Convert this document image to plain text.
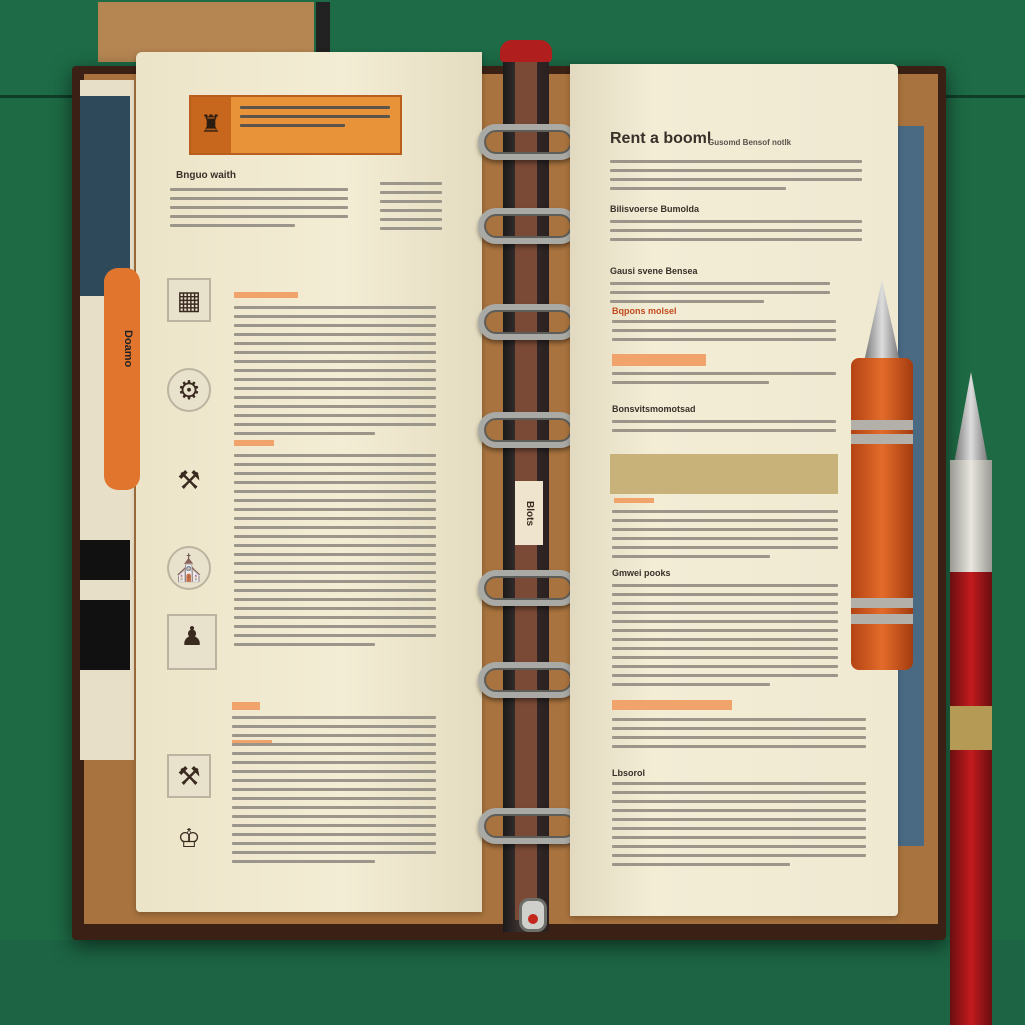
♜
Bnguo waith
▦
⚙
⚒
⛪
♟
⚒
♔
Blots
Rent a booml
Gusomd Bensof notlk
Bilisvoerse Bumolda
Gausi svene Bensea
Bqpons molsel
Bonsvitsmomotsad
Gmwei pooks
Lbsorol
Doamo
